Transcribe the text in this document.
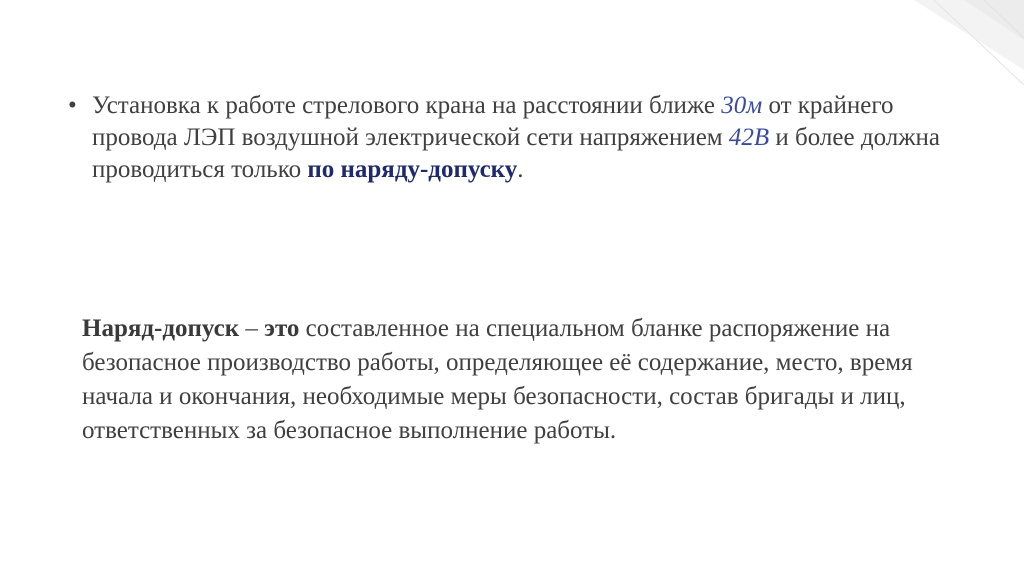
• Установка к работе стрелового крана на расстоянии ближе 30м от крайнего провода ЛЭП воздушной электрической сети напряжением 42В и более должна проводиться только по наряду-допуску.
Наряд-допуск – это составленное на специальном бланке распоряжение на безопасное производство работы, определяющее её содержание, место, время начала и окончания, необходимые меры безопасности, состав бригады и лиц, ответственных за безопасное выполнение работы.
